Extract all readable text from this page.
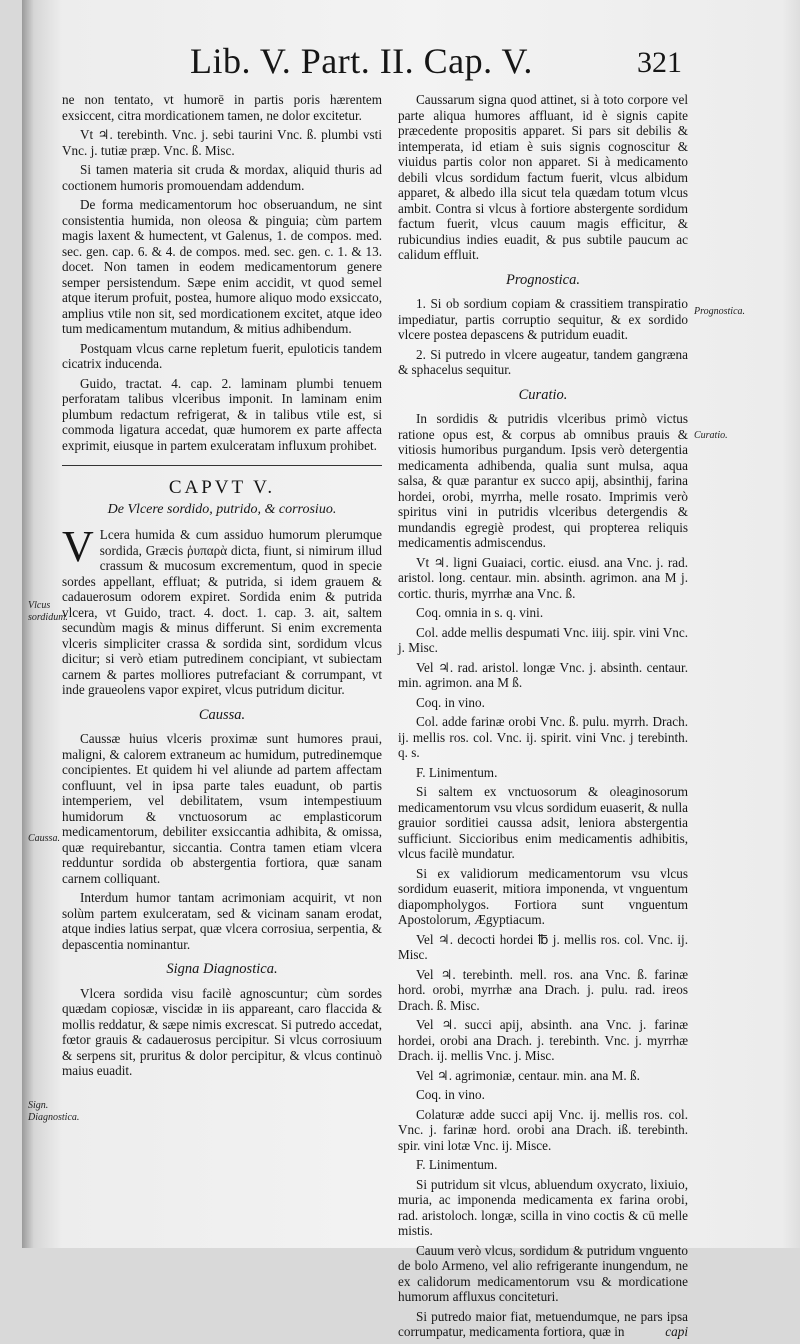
Lib. V. Part. II. Cap. V.	321
Vlcus sordidum.
Caussa.
Sign. Diagnostica.
Prognostica.
Curatio.

ne non tentato, vt humorē in partis poris hærentem exsiccent, citra mordicationem tamen, ne dolor excitetur.

Vt ♃. terebinth. Vnc. j. sebi taurini Vnc. ß. plumbi vsti Vnc. j. tutiæ præp. Vnc. ß. Misc.

Si tamen materia sit cruda & mordax, aliquid thuris ad coctionem humoris promouendam addendum.

De forma medicamentorum hoc obseruandum, ne sint consistentia humida, non oleosa & pinguia; cùm partem magis laxent & humectent, vt Galenus, 1. de compos. med. sec. gen. cap. 6. & 4. de compos. med. sec. gen. c. 1. & 13. docet. Non tamen in eodem medicamentorum genere semper persistendum. Sæpe enim accidit, vt quod semel atque iterum profuit, postea, humore aliquo modo exsiccato, amplius vtile non sit, sed mordicationem excitet, atque ideo tum medicamentum mutandum, & mitius adhibendum.

Postquam vlcus carne repletum fuerit, epuloticis tandem cicatrix inducenda.

Guido, tractat. 4. cap. 2. laminam plumbi tenuem perforatam talibus vlceribus imponit. In laminam enim plumbum redactum refrigerat, & in talibus vtile est, si commoda ligatura accedat, quæ humorem ex parte affecta exprimit, eiusque in partem exulceratam influxum prohibet.

CAPVT V.
De Vlcere sordido, putrido, & corrosiuo.

V Lcera humida & cum assiduo humorum plerumque sordida, Græcis ῥυπαρὰ dicta, fiunt, si nimirum illud crassum & mucosum excrementum, quod in specie sordes appellant, effluat; & putrida, si idem grauem & cadauerosum odorem expiret. Sordida enim & putrida vlcera, vt Guido, tract. 4. doct. 1. cap. 3. ait, saltem secundùm magis & minus differunt. Si enim excrementa vlceris simpliciter crassa & sordida sint, sordidum vlcus dicitur; si verò etiam putredinem concipiant, vt subiectam carnem & partes molliores putrefaciant & corrumpant, vt inde graueolens vapor expiret, vlcus putridum dicitur.

Caussa.

Caussæ huius vlceris proximæ sunt humores praui, maligni, & calorem extraneum ac humidum, putredinemque concipientes. Et quidem hi vel aliunde ad partem affectam confluunt, vel in ipsa parte tales euadunt, ob partis intemperiem, vel debilitatem, vsum intempestiuum humidorum & vnctuosorum ac emplasticorum medicamentorum, debiliter exsiccantia adhibita, & omissa, quæ requirebantur, siccantia. Contra tamen etiam vlcera redduntur sordida ob abstergentia fortiora, quæ sanam carnem colliquant.

Interdum humor tantam acrimoniam acquirit, vt non solùm partem exulceratam, sed & vicinam sanam erodat, atque indies latius serpat, quæ vlcera corrosiua, serpentia, & depascentia nominantur.

Signa Diagnostica.

Vlcera sordida visu facilè agnoscuntur; cùm sordes quædam copiosæ, viscidæ in iis appareant, caro flaccida & mollis reddatur, & sæpe nimis excrescat. Si putredo accedat, fœtor grauis & cadauerosus percipitur. Si vlcus corrosiuum & serpens sit, pruritus & dolor percipitur, & vlcus continuò maius euadit.

Caussarum signa quod attinet, si à toto corpore vel parte aliqua humores affluant, id è signis capite præcedente propositis apparet. Si pars sit debilis & intemperata, id etiam è suis signis cognoscitur & viuidus partis color non apparet. Si à medicamento debili vlcus sordidum factum fuerit, vlcus albidum apparet, & albedo illa sicut tela quædam totum vlcus ambit. Contra si vlcus à fortiore abstergente sordidum factum fuerit, vlcus cauum magis efficitur, & rubicundius indies euadit, & pus subtile paucum ac calidum effluit.

Prognostica.

1. Si ob sordium copiam & crassitiem transpiratio impediatur, partis corruptio sequitur, & ex sordido vlcere postea depascens & putridum euadit.

2. Si putredo in vlcere augeatur, tandem gangræna & sphacelus sequitur.

Curatio.

In sordidis & putridis vlceribus primò victus ratione opus est, & corpus ab omnibus prauis & vitiosis humoribus purgandum. Ipsis verò detergentia medicamenta adhibenda, qualia sunt mulsa, aqua salsa, & quæ parantur ex succo apij, absinthij, farina hordei, orobi, myrrha, melle rosato. Imprimis verò spiritus vini in putridis vlceribus detergendis & mundandis egregiè prodest, qui propterea reliquis medicamentis admiscendus.

Vt ♃. ligni Guaiaci, cortic. eiusd. ana Vnc. j. rad. aristol. long. centaur. min. absinth. agrimon. ana M j. cortic. thuris, myrrhæ ana Vnc. ß.

Coq. omnia in s. q. vini.

Col. adde mellis despumati Vnc. iiij. spir. vini Vnc. j. Misc.

Vel ♃. rad. aristol. longæ Vnc. j. absinth. centaur. min. agrimon. ana M ß.

Coq. in vino.

Col. adde farinæ orobi Vnc. ß. pulu. myrrh. Drach. ij. mellis ros. col. Vnc. ij. spirit. vini Vnc. j terebinth. q. s.

F. Linimentum.

Si saltem ex vnctuosorum & oleaginosorum medicamentorum vsu vlcus sordidum euaserit, & nulla grauior sorditiei caussa adsit, leniora abstergentia sufficiunt. Siccioribus enim medicamentis adhibitis, vlcus facilè mundatur.

Si ex validiorum medicamentorum vsu vlcus sordidum euaserit, mitiora imponenda, vt vnguentum diapompholygos. Fortiora sunt vnguentum Apostolorum, Ægyptiacum.

Vel ♃. decocti hordei ℔ j. mellis ros. col. Vnc. ij. Misc.

Vel ♃. terebinth. mell. ros. ana Vnc. ß. farinæ hord. orobi, myrrhæ ana Drach. j. pulu. rad. ireos Drach. ß. Misc.

Vel ♃. succi apij, absinth. ana Vnc. j. farinæ hordei, orobi ana Drach. j. terebinth. Vnc. j. myrrhæ Drach. ij. mellis Vnc. j. Misc.

Vel ♃. agrimoniæ, centaur. min. ana M. ß.

Coq. in vino.

Colaturæ adde succi apij Vnc. ij. mellis ros. col. Vnc. j. farinæ hord. orobi ana Drach. iß. terebinth. spir. vini lotæ Vnc. ij. Misce.

F. Linimentum.

Si putridum sit vlcus, abluendum oxycrato, lixiuio, muria, ac imponenda medicamenta ex farina orobi, rad. aristoloch. longæ, scilla in vino coctis & cū melle mistis.

Cauum verò vlcus, sordidum & putridum vnguento de bolo Armeno, vel alio refrigerante inungendum, ne ex calidorum medicamentorum vsu & mordicatione humorum affluxus conciteturi.

Si putredo maior fiat, metuendumque, ne pars ipsa corrumpatur, medicamenta fortiora, quæ in	capi
